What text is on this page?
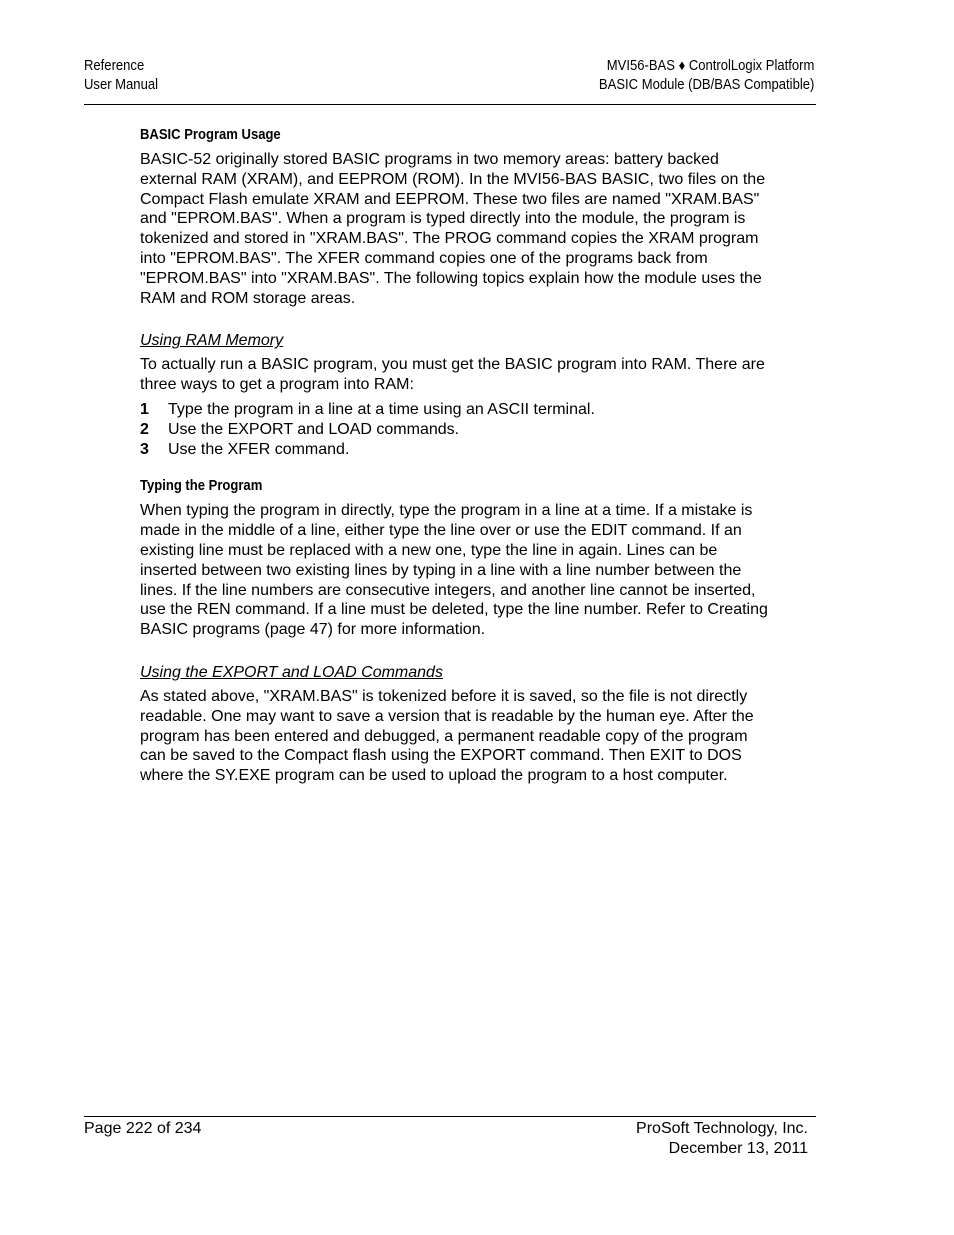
Reference
User Manual
MVI56-BAS ♦ ControlLogix Platform
BASIC Module (DB/BAS Compatible)
BASIC Program Usage

BASIC-52 originally stored BASIC programs in two memory areas: battery backed external RAM (XRAM), and EEPROM (ROM). In the MVI56-BAS BASIC, two files on the Compact Flash emulate XRAM and EEPROM. These two files are named "XRAM.BAS" and "EPROM.BAS". When a program is typed directly into the module, the program is tokenized and stored in "XRAM.BAS". The PROG command copies the XRAM program into "EPROM.BAS". The XFER command copies one of the programs back from "EPROM.BAS" into "XRAM.BAS". The following topics explain how the module uses the RAM and ROM storage areas.

Using RAM Memory

To actually run a BASIC program, you must get the BASIC program into RAM. There are three ways to get a program into RAM:

1 Type the program in a line at a time using an ASCII terminal.
2 Use the EXPORT and LOAD commands.
3 Use the XFER command.
Typing the Program

When typing the program in directly, type the program in a line at a time. If a mistake is made in the middle of a line, either type the line over or use the EDIT command. If an existing line must be replaced with a new one, type the line in again. Lines can be inserted between two existing lines by typing in a line with a line number between the lines. If the line numbers are consecutive integers, and another line cannot be inserted, use the REN command. If a line must be deleted, type the line number. Refer to Creating BASIC programs (page 47) for more information.

Using the EXPORT and LOAD Commands

As stated above, "XRAM.BAS" is tokenized before it is saved, so the file is not directly readable. One may want to save a version that is readable by the human eye. After the program has been entered and debugged, a permanent readable copy of the program can be saved to the Compact flash using the EXPORT command. Then EXIT to DOS where the SY.EXE program can be used to upload the program to a host computer.

Page 222 of 234	ProSoft Technology, Inc.
December 13, 2011
